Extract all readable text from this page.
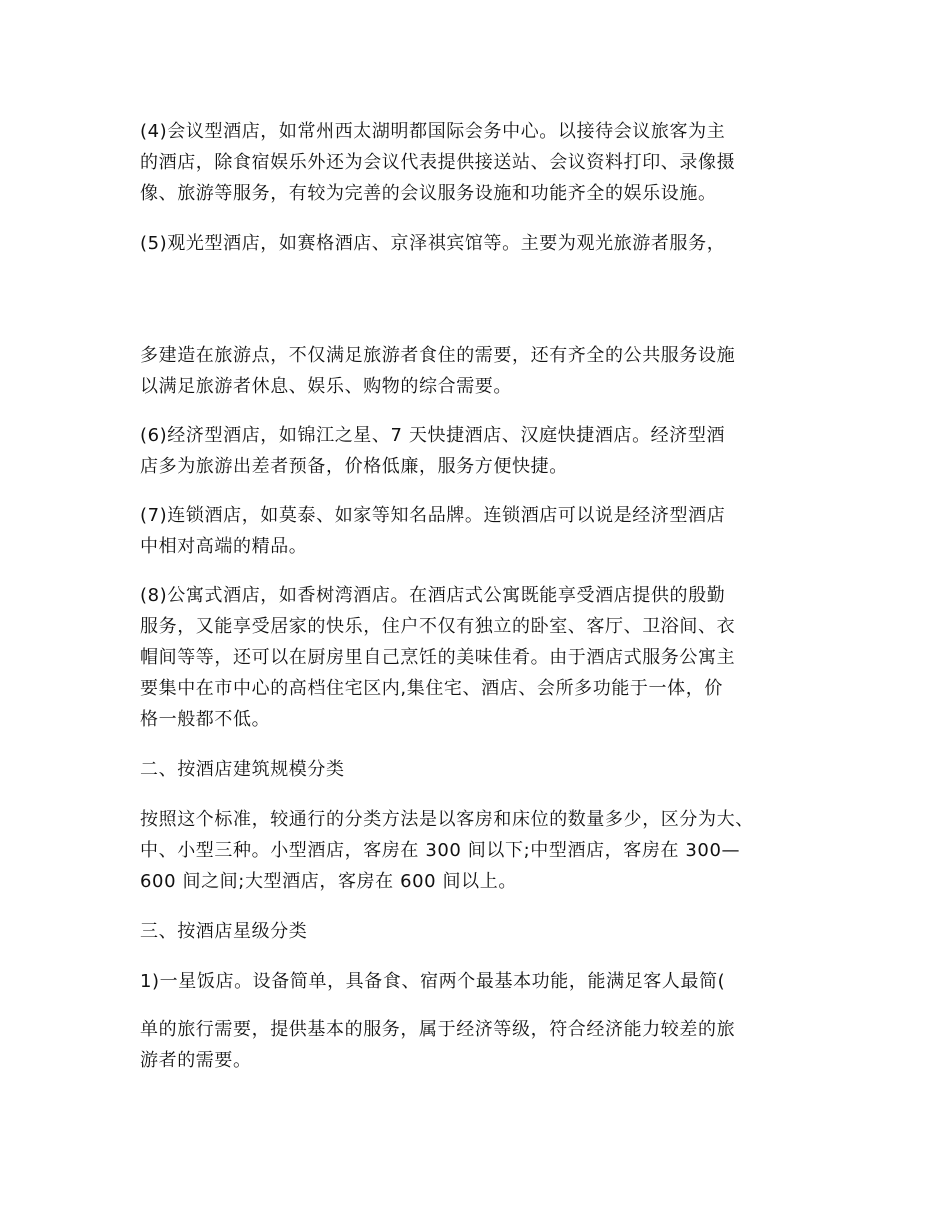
(4)会议型酒店，如常州西太湖明都国际会务中心。以接待会议旅客为主
的酒店，除食宿娱乐外还为会议代表提供接送站、会议资料打印、录像摄
像、旅游等服务，有较为完善的会议服务设施和功能齐全的娱乐设施。
(5)观光型酒店，如赛格酒店、京泽祺宾馆等。主要为观光旅游者服务，
多建造在旅游点，不仅满足旅游者食住的需要，还有齐全的公共服务设施
以满足旅游者休息、娱乐、购物的综合需要。
(6)经济型酒店，如锦江之星、7 天快捷酒店、汉庭快捷酒店。经济型酒
店多为旅游出差者预备，价格低廉，服务方便快捷。
(7)连锁酒店，如莫泰、如家等知名品牌。连锁酒店可以说是经济型酒店
中相对高端的精品。
(8)公寓式酒店，如香树湾酒店。在酒店式公寓既能享受酒店提供的殷勤
服务，又能享受居家的快乐，住户不仅有独立的卧室、客厅、卫浴间、衣
帽间等等，还可以在厨房里自己烹饪的美味佳肴。由于酒店式服务公寓主
要集中在市中心的高档住宅区内,集住宅、酒店、会所多功能于一体，价
格一般都不低。
二、按酒店建筑规模分类
按照这个标准，较通行的分类方法是以客房和床位的数量多少，区分为大、
中、小型三种。小型酒店，客房在 300 间以下;中型酒店，客房在 300—
600 间之间;大型酒店，客房在 600 间以上。
三、按酒店星级分类
1)一星饭店。设备简单，具备食、宿两个最基本功能，能满足客人最简(
单的旅行需要，提供基本的服务，属于经济等级，符合经济能力较差的旅
游者的需要。
